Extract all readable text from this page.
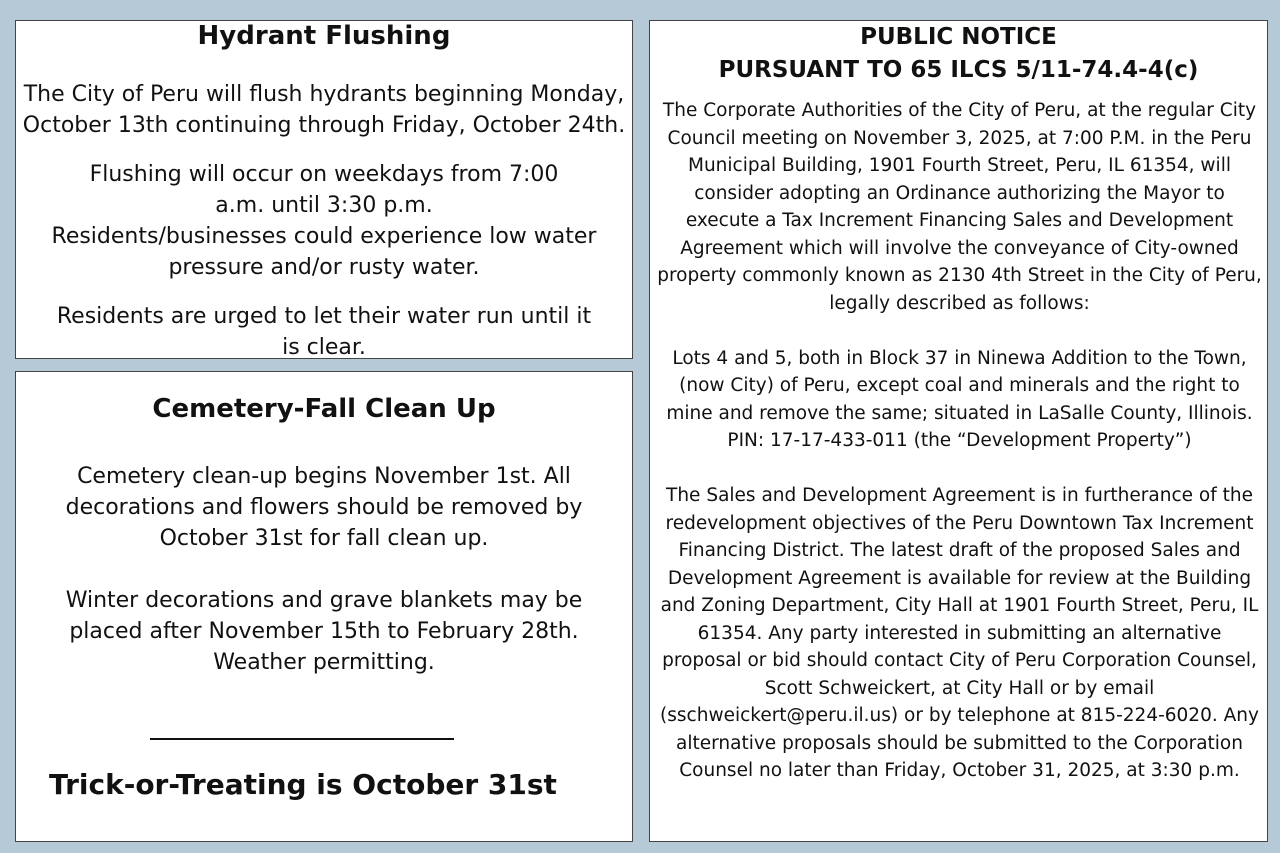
Hydrant Flushing

The City of Peru will flush hydrants beginning Monday, October 13th continuing through Friday, October 24th.

Flushing will occur on weekdays from 7:00 a.m. until 3:30 p.m.
Residents/businesses could experience low water pressure and/or rusty water.

Residents are urged to let their water run until it is clear.

Cemetery-Fall Clean Up

Cemetery clean-up begins November 1st. All decorations and flowers should be removed by October 31st for fall clean up.

Winter decorations and grave blankets may be placed after November 15th to February 28th. Weather permitting.

Trick-or-Treating is October 31st
PUBLIC NOTICE
PURSUANT TO 65 ILCS 5/11-74.4-4(c)

The Corporate Authorities of the City of Peru, at the regular City Council meeting on November 3, 2025, at 7:00 P.M. in the Peru Municipal Building, 1901 Fourth Street, Peru, IL 61354, will consider adopting an Ordinance authorizing the Mayor to execute a Tax Increment Financing Sales and Development Agreement which will involve the conveyance of City-owned property commonly known as 2130 4th Street in the City of Peru, legally described as follows:

Lots 4 and 5, both in Block 37 in Ninewa Addition to the Town, (now City) of Peru, except coal and minerals and the right to mine and remove the same; situated in LaSalle County, Illinois. PIN: 17-17-433-011 (the “Development Property”)

The Sales and Development Agreement is in furtherance of the redevelopment objectives of the Peru Downtown Tax Increment Financing District. The latest draft of the proposed Sales and Development Agreement is available for review at the Building and Zoning Department, City Hall at 1901 Fourth Street, Peru, IL 61354. Any party interested in submitting an alternative proposal or bid should contact City of Peru Corporation Counsel, Scott Schweickert, at City Hall or by email (sschweickert@peru.il.us) or by telephone at 815-224-6020. Any alternative proposals should be submitted to the Corporation Counsel no later than Friday, October 31, 2025, at 3:30 p.m.
